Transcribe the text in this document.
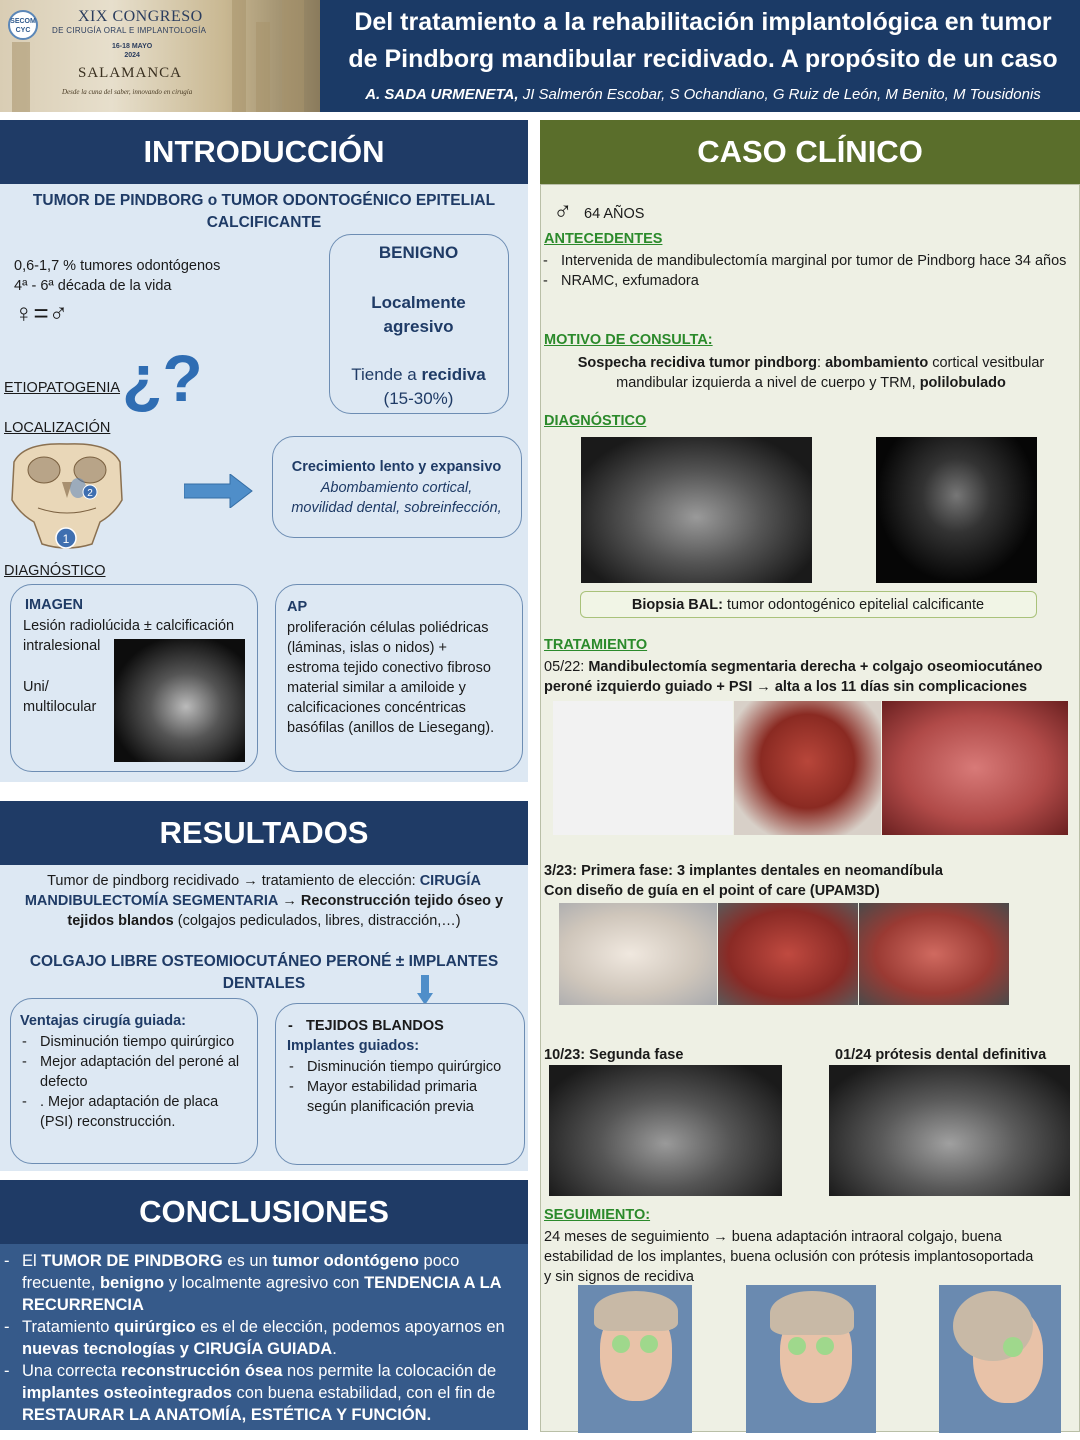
SECOM CYC
XIX CONGRESO
DE CIRUGÍA ORAL E IMPLANTOLOGÍA
16-18 MAYO
2024
SALAMANCA
Desde la cuna del saber, innovando en cirugía
Del tratamiento a la rehabilitación implantológica en tumor
de Pindborg mandibular recidivado. A propósito de un caso
A. SADA URMENETA, JI Salmerón Escobar, S Ochandiano, G Ruiz de León, M Benito, M Tousidonis
INTRODUCCIÓN
TUMOR DE PINDBORG o TUMOR ODONTOGÉNICO EPITELIAL
CALCIFICANTE
0,6-1,7 % tumores odontógenos
4ª - 6ª década de la vida
♀=♂
BENIGNO
Localmente
agresivo
Tiende a recidiva
(15-30%)
ETIOPATOGENIA ¿?
LOCALIZACIÓN
2
1
Crecimiento lento y expansivo
Abombamiento cortical,
movilidad dental, sobreinfección,
DIAGNÓSTICO
IMAGEN
Lesión radiolúcida ± calcificación
intralesional
Uni/
multilocular
AP
proliferación células poliédricas
(láminas, islas o nidos) +
estroma tejido conectivo fibroso
material similar a amiloide y
calcificaciones concéntricas
basófilas (anillos de Liesegang).
RESULTADOS
Tumor de pindborg recidivado → tratamiento de elección: CIRUGÍA
MANDIBULECTOMÍA SEGMENTARIA → Reconstrucción tejido óseo y
tejidos blandos (colgajos pediculados, libres, distracción,…)
COLGAJO LIBRE OSTEOMIOCUTÁNEO PERONÉ ± IMPLANTES
DENTALES
Ventajas cirugía guiada:
- Disminución tiempo quirúrgico
- Mejor adaptación del peroné al defecto
- . Mejor adaptación de placa (PSI) reconstrucción.
- TEJIDOS BLANDOS
Implantes guiados:
- Disminución tiempo quirúrgico
- Mayor estabilidad primaria según planificación previa
CONCLUSIONES
- El TUMOR DE PINDBORG es un tumor odontógeno poco frecuente, benigno y localmente agresivo con TENDENCIA A LA RECURRENCIA
- Tratamiento quirúrgico es el de elección, podemos apoyarnos en nuevas tecnologías y CIRUGÍA GUIADA.
- Una correcta reconstrucción ósea nos permite la colocación de implantes osteointegrados con buena estabilidad, con el fin de RESTAURAR LA ANATOMÍA, ESTÉTICA Y FUNCIÓN.
CASO CLÍNICO
♂ 64 AÑOS
ANTECEDENTES
- Intervenida de mandibulectomía marginal por tumor de Pindborg hace 34 años
- NRAMC, exfumadora
MOTIVO DE CONSULTA:
Sospecha recidiva tumor pindborg: abombamiento cortical vesitbular
mandibular izquierda a nivel de cuerpo y TRM, polilobulado
DIAGNÓSTICO
Biopsia BAL: tumor odontogénico epitelial calcificante
TRATAMIENTO
05/22: Mandibulectomía segmentaria derecha + colgajo oseomiocutáneo
peroné izquierdo guiado + PSI → alta a los 11 días sin complicaciones
3/23: Primera fase: 3 implantes dentales en neomandíbula
Con diseño de guía en el point of care (UPAM3D)
10/23: Segunda fase	01/24 prótesis dental definitiva
SEGUIMIENTO:
24 meses de seguimiento → buena adaptación intraoral colgajo, buena
estabilidad de los implantes, buena oclusión con prótesis implantosoportada
y sin signos de recidiva
